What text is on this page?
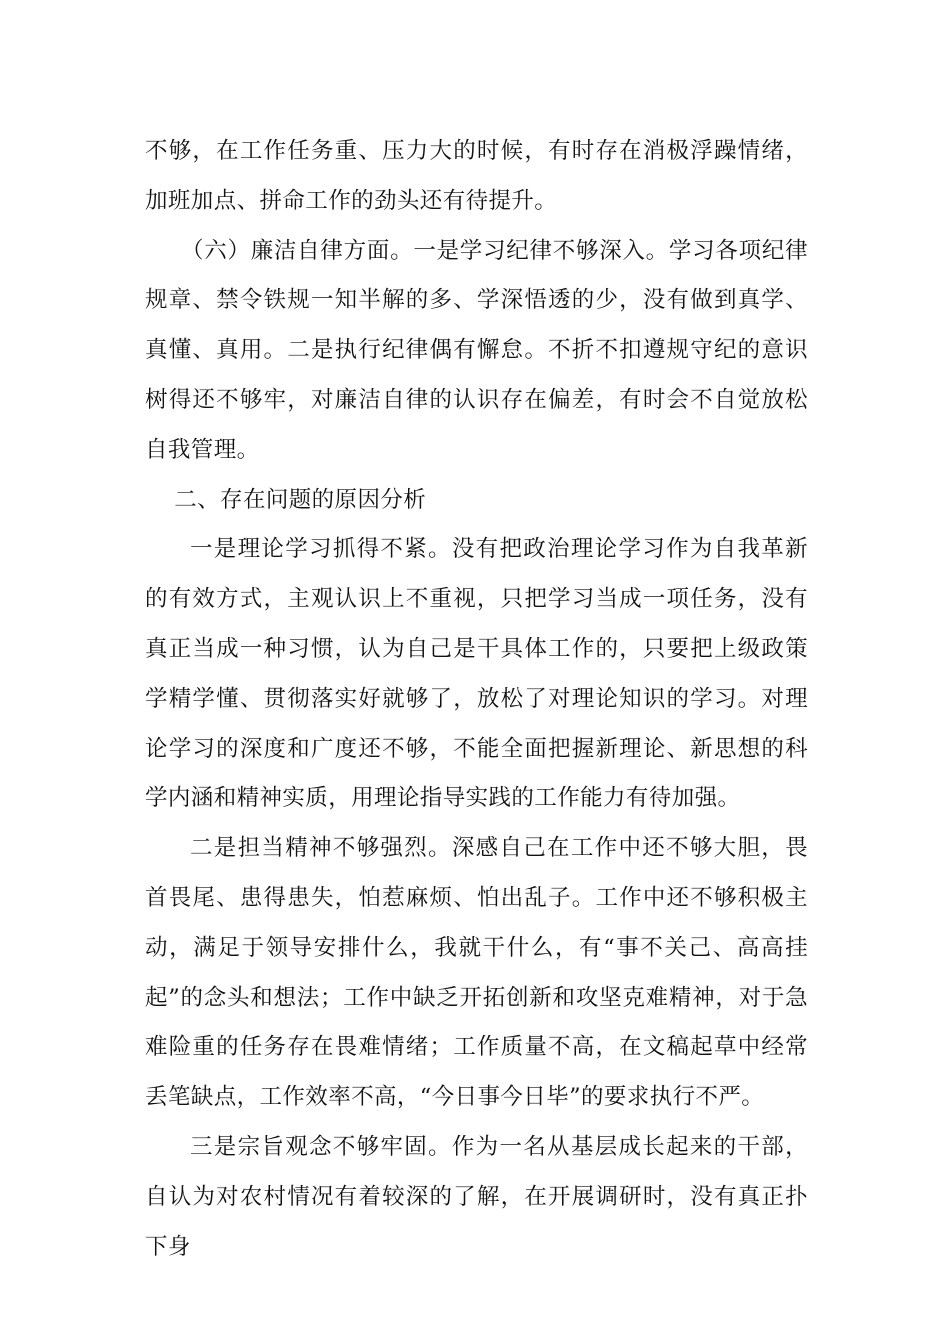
不够，在工作任务重、压力大的时候，有时存在消极浮躁情绪，加班加点、拼命工作的劲头还有待提升。

（六）廉洁自律方面。一是学习纪律不够深入。学习各项纪律规章、禁令铁规一知半解的多、学深悟透的少，没有做到真学、真懂、真用。二是执行纪律偶有懈怠。不折不扣遵规守纪的意识树得还不够牢，对廉洁自律的认识存在偏差，有时会不自觉放松自我管理。

二、存在问题的原因分析

一是理论学习抓得不紧。没有把政治理论学习作为自我革新的有效方式，主观认识上不重视，只把学习当成一项任务，没有真正当成一种习惯，认为自己是干具体工作的，只要把上级政策学精学懂、贯彻落实好就够了，放松了对理论知识的学习。对理论学习的深度和广度还不够，不能全面把握新理论、新思想的科学内涵和精神实质，用理论指导实践的工作能力有待加强。

二是担当精神不够强烈。深感自己在工作中还不够大胆，畏首畏尾、患得患失，怕惹麻烦、怕出乱子。工作中还不够积极主动，满足于领导安排什么，我就干什么，有“事不关己、高高挂起”的念头和想法；工作中缺乏开拓创新和攻坚克难精神，对于急难险重的任务存在畏难情绪；工作质量不高，在文稿起草中经常丢笔缺点，工作效率不高，“今日事今日毕”的要求执行不严。

三是宗旨观念不够牢固。作为一名从基层成长起来的干部，自认为对农村情况有着较深的了解，在开展调研时，没有真正扑下身
